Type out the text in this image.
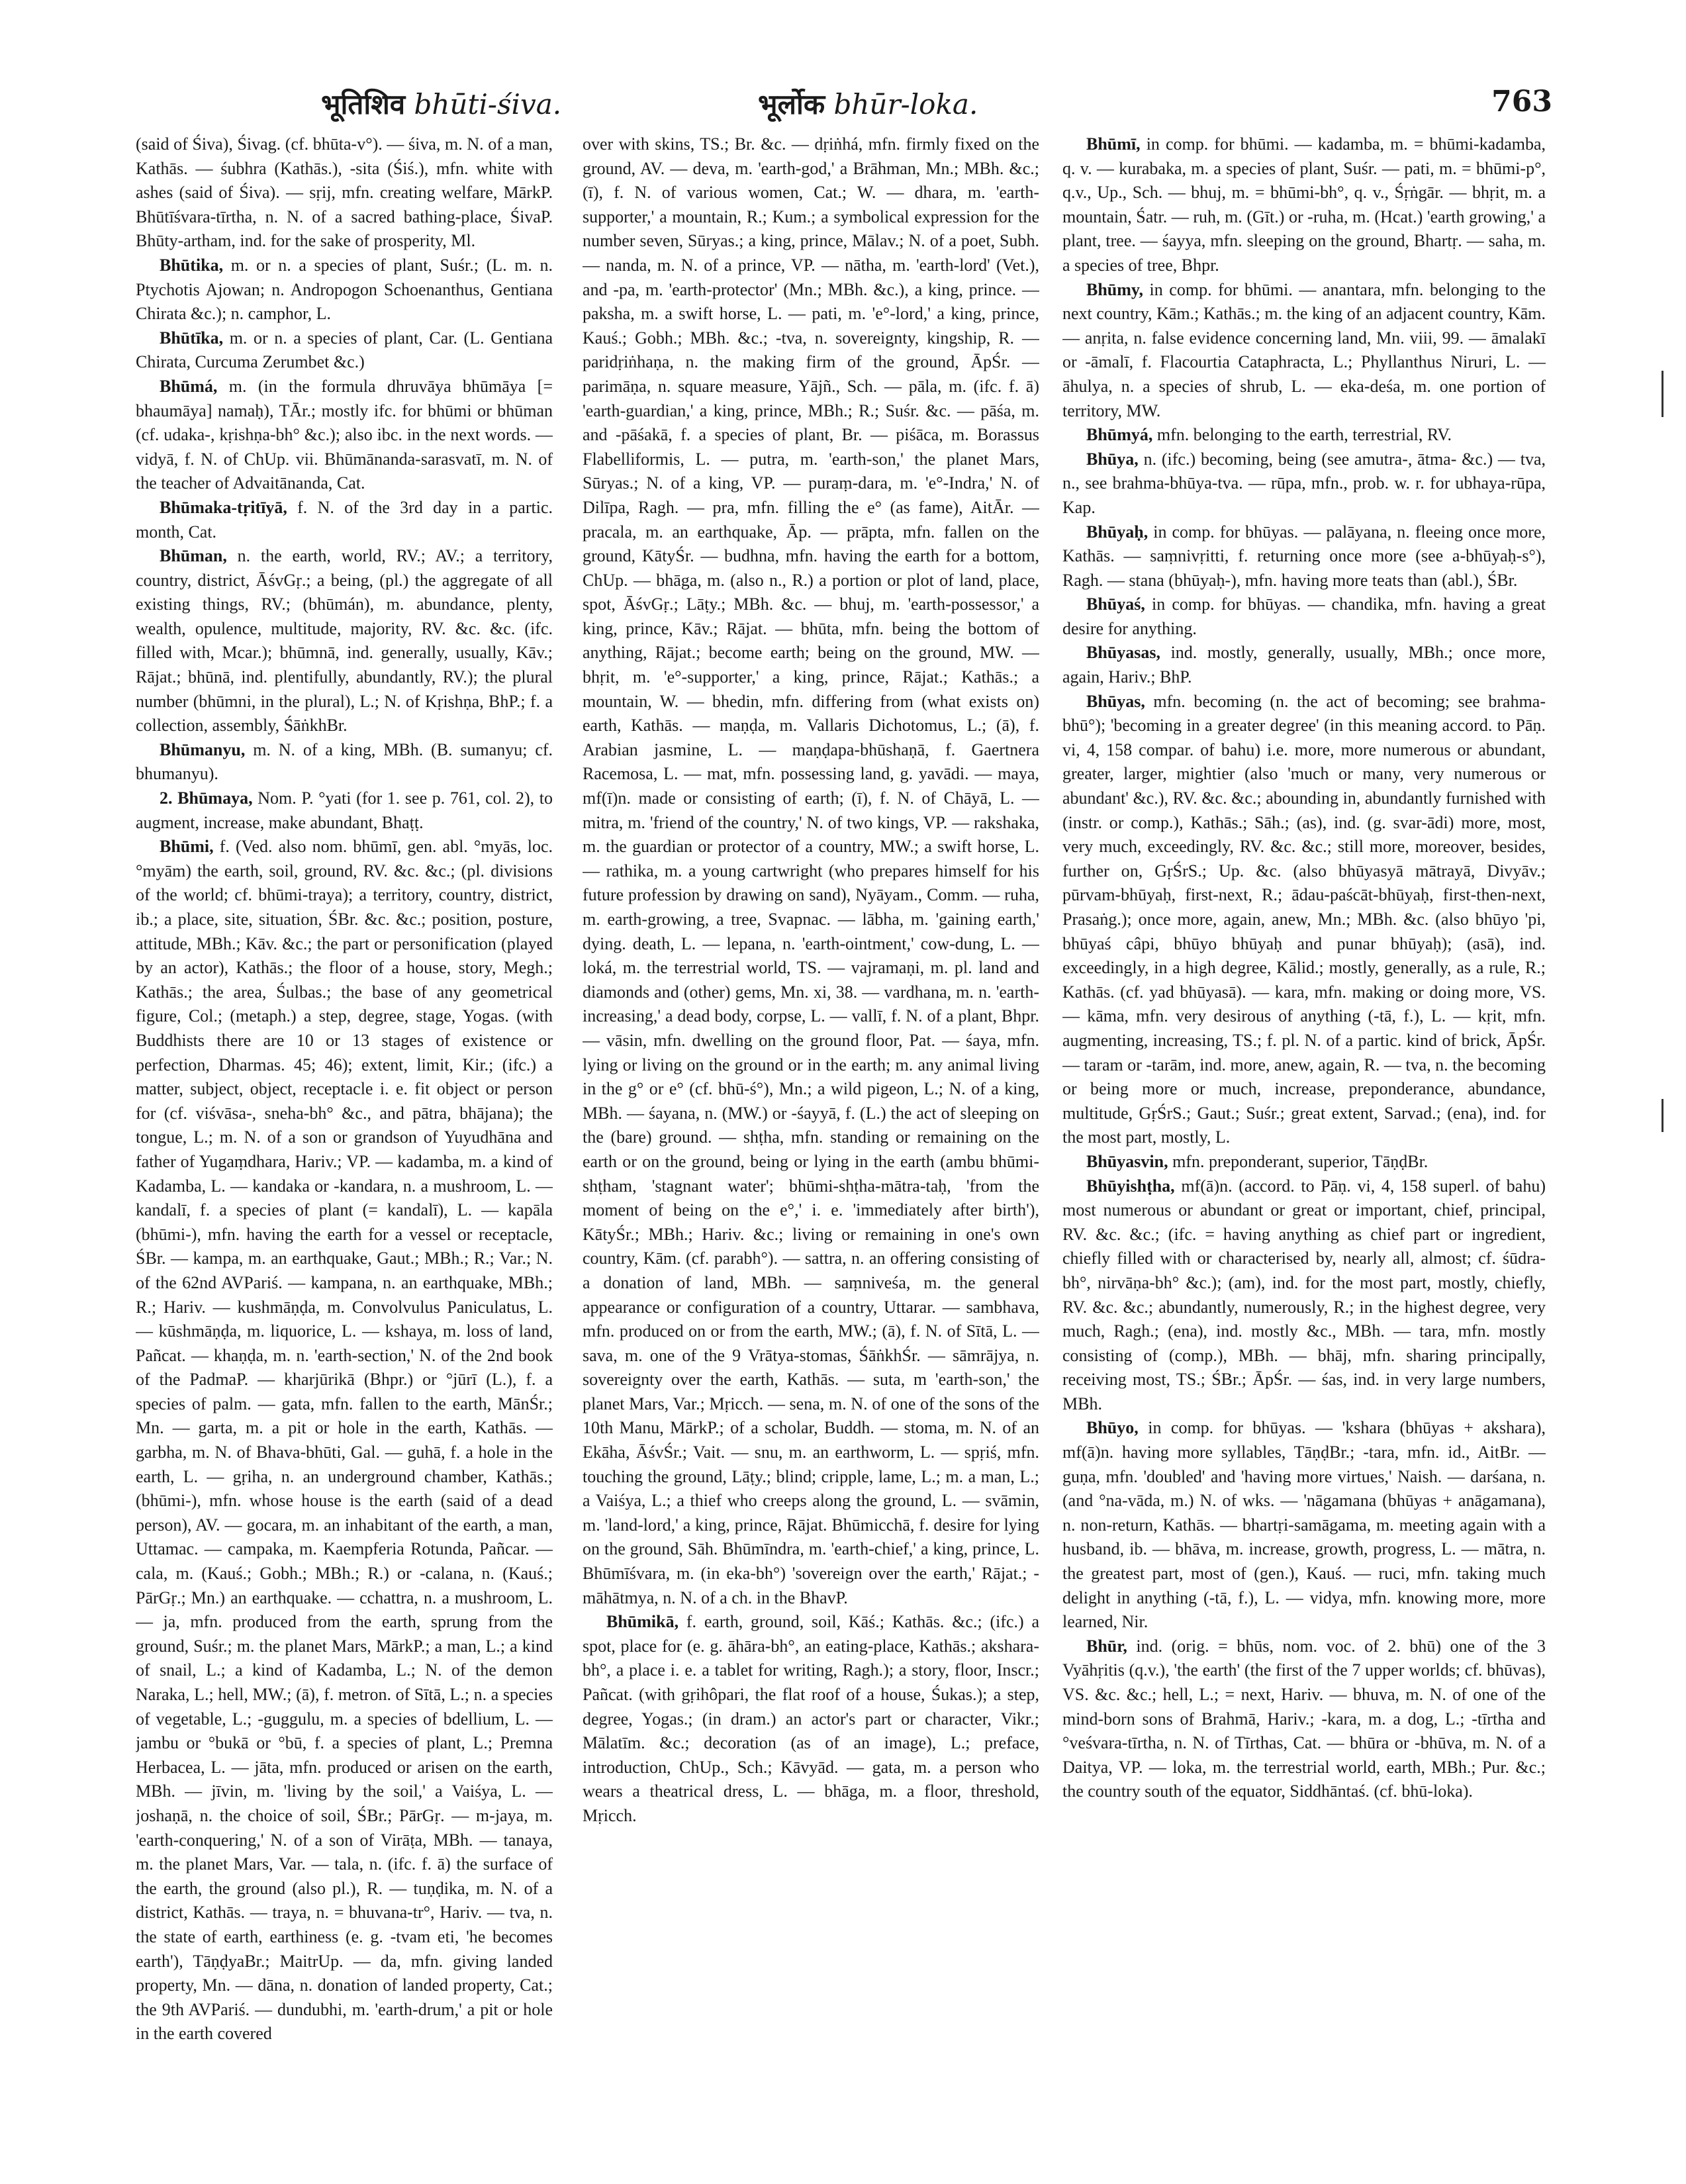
भूतिशिव bhūti-śiva.	भूर्लोक bhūr-loka.	763

(said of Śiva), Śivag. (cf. bhūta-v°). — śiva, m. N. of a man, Kathās. — śubhra (Kathās.), -sita (Śiś.), mfn. white with ashes (said of Śiva). — sṛij, mfn. creating welfare, MārkP. Bhūtīśvara-tīrtha, n. N. of a sacred bathing-place, ŚivaP. Bhūty-artham, ind. for the sake of prosperity, Ml.

Bhūtika, m. or n. a species of plant, Suśr.; (L. m. n. Ptychotis Ajowan; n. Andropogon Schoenanthus, Gentiana Chirata &c.); n. camphor, L.

Bhūtīka, m. or n. a species of plant, Car. (L. Gentiana Chirata, Curcuma Zerumbet &c.)

Bhūmá, m. (in the formula dhruvāya bhūmāya [= bhaumāya] namaḥ), TĀr.; mostly ifc. for bhūmi or bhūman (cf. udaka-, kṛishṇa-bh° &c.); also ibc. in the next words. — vidyā, f. N. of ChUp. vii. Bhūmānanda-sarasvatī, m. N. of the teacher of Advaitānanda, Cat.

Bhūmaka-tṛitīyā, f. N. of the 3rd day in a partic. month, Cat.

Bhūman, n. the earth, world, RV.; AV.; a territory, country, district, ĀśvGṛ.; a being, (pl.) the aggregate of all existing things, RV.; (bhūmán), m. abundance, plenty, wealth, opulence, multitude, majority, RV. &c. &c. (ifc. filled with, Mcar.); bhūmnā, ind. generally, usually, Kāv.; Rājat.; bhūnā, ind. plentifully, abundantly, RV.); the plural number (bhūmni, in the plural), L.; N. of Kṛishṇa, BhP.; f. a collection, assembly, ŚāṅkhBr.

Bhūmanyu, m. N. of a king, MBh. (B. sumanyu; cf. bhumanyu).

2. Bhūmaya, Nom. P. °yati (for 1. see p. 761, col. 2), to augment, increase, make abundant, Bhaṭṭ.

Bhūmi, f. (Ved. also nom. bhūmī, gen. abl. °myās, loc. °myām) the earth, soil, ground, RV. &c. &c.; (pl. divisions of the world; cf. bhūmi-traya); a territory, country, district, ib.; a place, site, situation, ŚBr. &c. &c.; position, posture, attitude, MBh.; Kāv. &c.; the part or personification (played by an actor), Kathās.; the floor of a house, story, Megh.; Kathās.; the area, Śulbas.; the base of any geometrical figure, Col.; (metaph.) a step, degree, stage, Yogas. (with Buddhists there are 10 or 13 stages of existence or perfection, Dharmas. 45; 46); extent, limit, Kir.; (ifc.) a matter, subject, object, receptacle i. e. fit object or person for (cf. viśvāsa-, sneha-bh° &c., and pātra, bhājana); the tongue, L.; m. N. of a son or grandson of Yuyudhāna and father of Yugaṃdhara, Hariv.; VP. — kadamba, m. a kind of Kadamba, L. — kandaka or -kandara, n. a mushroom, L. — kandalī, f. a species of plant (= kandalī), L. — kapāla (bhūmi-), mfn. having the earth for a vessel or receptacle, ŚBr. — kampa, m. an earthquake, Gaut.; MBh.; R.; Var.; N. of the 62nd AVPariś. — kampana, n. an earthquake, MBh.; R.; Hariv. — kushmāṇḍa, m. Convolvulus Paniculatus, L. — kūshmāṇḍa, m. liquorice, L. — kshaya, m. loss of land, Pañcat. — khaṇḍa, m. n. 'earth-section,' N. of the 2nd book of the PadmaP. — kharjūrikā (Bhpr.) or °jūrī (L.), f. a species of palm. — gata, mfn. fallen to the earth, MānŚr.; Mn. — garta, m. a pit or hole in the earth, Kathās. — garbha, m. N. of Bhava-bhūti, Gal. — guhā, f. a hole in the earth, L. — gṛiha, n. an underground chamber, Kathās.; (bhūmi-), mfn. whose house is the earth (said of a dead person), AV. — gocara, m. an inhabitant of the earth, a man, Uttamac. — campaka, m. Kaempferia Rotunda, Pañcar. — cala, m. (Kauś.; Gobh.; MBh.; R.) or -calana, n. (Kauś.; PārGṛ.; Mn.) an earthquake. — cchattra, n. a mushroom, L. — ja, mfn. produced from the earth, sprung from the ground, Suśr.; m. the planet Mars, MārkP.; a man, L.; a kind of snail, L.; a kind of Kadamba, L.; N. of the demon Naraka, L.; hell, MW.; (ā), f. metron. of Sītā, L.; n. a species of vegetable, L.; -guggulu, m. a species of bdellium, L. — jambu or °bukā or °bū, f. a species of plant, L.; Premna Herbacea, L. — jāta, mfn. produced or arisen on the earth, MBh. — jīvin, m. 'living by the soil,' a Vaiśya, L. — joshaṇā, n. the choice of soil, ŚBr.; PārGṛ. — m-jaya, m. 'earth-conquering,' N. of a son of Virāṭa, MBh. — tanaya, m. the planet Mars, Var. — tala, n. (ifc. f. ā) the surface of the earth, the ground (also pl.), R. — tuṇḍika, m. N. of a district, Kathās. — traya, n. = bhuvana-tr°, Hariv. — tva, n. the state of earth, earthiness (e. g. -tvam eti, 'he becomes earth'), TāṇḍyaBr.; MaitrUp. — da, mfn. giving landed property, Mn. — dāna, n. donation of landed property, Cat.; the 9th AVPariś. — dundubhi, m. 'earth-drum,' a pit or hole in the earth covered

over with skins, TS.; Br. &c. — dṛiṅhá, mfn. firmly fixed on the ground, AV. — deva, m. 'earth-god,' a Brāhman, Mn.; MBh. &c.; (ī), f. N. of various women, Cat.; W. — dhara, m. 'earth-supporter,' a mountain, R.; Kum.; a symbolical expression for the number seven, Sūryas.; a king, prince, Mālav.; N. of a poet, Subh. — nanda, m. N. of a prince, VP. — nātha, m. 'earth-lord' (Vet.), and -pa, m. 'earth-protector' (Mn.; MBh. &c.), a king, prince. — paksha, m. a swift horse, L. — pati, m. 'e°-lord,' a king, prince, Kauś.; Gobh.; MBh. &c.; -tva, n. sovereignty, kingship, R. — paridṛiṅhaṇa, n. the making firm of the ground, ĀpŚr. — parimāṇa, n. square measure, Yājñ., Sch. — pāla, m. (ifc. f. ā) 'earth-guardian,' a king, prince, MBh.; R.; Suśr. &c. — pāśa, m. and -pāśakā, f. a species of plant, Br. — piśāca, m. Borassus Flabelliformis, L. — putra, m. 'earth-son,' the planet Mars, Sūryas.; N. of a king, VP. — puraṃ-dara, m. 'e°-Indra,' N. of Dilīpa, Ragh. — pra, mfn. filling the e° (as fame), AitĀr. — pracala, m. an earthquake, Āp. — prāpta, mfn. fallen on the ground, KātyŚr. — budhna, mfn. having the earth for a bottom, ChUp. — bhāga, m. (also n., R.) a portion or plot of land, place, spot, ĀśvGṛ.; Lāṭy.; MBh. &c. — bhuj, m. 'earth-possessor,' a king, prince, Kāv.; Rājat. — bhūta, mfn. being the bottom of anything, Rājat.; become earth; being on the ground, MW. — bhṛit, m. 'e°-supporter,' a king, prince, Rājat.; Kathās.; a mountain, W. — bhedin, mfn. differing from (what exists on) earth, Kathās. — maṇḍa, m. Vallaris Dichotomus, L.; (ā), f. Arabian jasmine, L. — maṇḍapa-bhūshaṇā, f. Gaertnera Racemosa, L. — mat, mfn. possessing land, g. yavādi. — maya, mf(ī)n. made or consisting of earth; (ī), f. N. of Chāyā, L. — mitra, m. 'friend of the country,' N. of two kings, VP. — rakshaka, m. the guardian or protector of a country, MW.; a swift horse, L. — rathika, m. a young cartwright (who prepares himself for his future profession by drawing on sand), Nyāyam., Comm. — ruha, m. earth-growing, a tree, Svapnac. — lābha, m. 'gaining earth,' dying. death, L. — lepana, n. 'earth-ointment,' cow-dung, L. — loká, m. the terrestrial world, TS. — vajramaṇi, m. pl. land and diamonds and (other) gems, Mn. xi, 38. — vardhana, m. n. 'earth-increasing,' a dead body, corpse, L. — vallī, f. N. of a plant, Bhpr. — vāsin, mfn. dwelling on the ground floor, Pat. — śaya, mfn. lying or living on the ground or in the earth; m. any animal living in the g° or e° (cf. bhū-ś°), Mn.; a wild pigeon, L.; N. of a king, MBh. — śayana, n. (MW.) or -śayyā, f. (L.) the act of sleeping on the (bare) ground. — shṭha, mfn. standing or remaining on the earth or on the ground, being or lying in the earth (ambu bhūmi-shṭham, 'stagnant water'; bhūmi-shṭha-mātra-taḥ, 'from the moment of being on the e°,' i. e. 'immediately after birth'), KātyŚr.; MBh.; Hariv. &c.; living or remaining in one's own country, Kām. (cf. parabh°). — sattra, n. an offering consisting of a donation of land, MBh. — saṃniveśa, m. the general appearance or configuration of a country, Uttarar. — sambhava, mfn. produced on or from the earth, MW.; (ā), f. N. of Sītā, L. — sava, m. one of the 9 Vrātya-stomas, ŚāṅkhŚr. — sāmrājya, n. sovereignty over the earth, Kathās. — suta, m 'earth-son,' the planet Mars, Var.; Mṛicch. — sena, m. N. of one of the sons of the 10th Manu, MārkP.; of a scholar, Buddh. — stoma, m. N. of an Ekāha, ĀśvŚr.; Vait. — snu, m. an earthworm, L. — spṛiś, mfn. touching the ground, Lāṭy.; blind; cripple, lame, L.; m. a man, L.; a Vaiśya, L.; a thief who creeps along the ground, L. — svāmin, m. 'land-lord,' a king, prince, Rājat. Bhūmicchā, f. desire for lying on the ground, Sāh. Bhūmīndra, m. 'earth-chief,' a king, prince, L. Bhūmīśvara, m. (in eka-bh°) 'sovereign over the earth,' Rājat.; -māhātmya, n. N. of a ch. in the BhavP.

Bhūmikā, f. earth, ground, soil, Kāś.; Kathās. &c.; (ifc.) a spot, place for (e. g. āhāra-bh°, an eating-place, Kathās.; akshara-bh°, a place i. e. a tablet for writing, Ragh.); a story, floor, Inscr.; Pañcat. (with gṛihôpari, the flat roof of a house, Śukas.); a step, degree, Yogas.; (in dram.) an actor's part or character, Vikr.; Mālatīm. &c.; decoration (as of an image), L.; preface, introduction, ChUp., Sch.; Kāvyād. — gata, m. a person who wears a theatrical dress, L. — bhāga, m. a floor, threshold, Mṛicch.

Bhūmī, in comp. for bhūmi. — kadamba, m. = bhūmi-kadamba, q. v. — kurabaka, m. a species of plant, Suśr. — pati, m. = bhūmi-p°, q.v., Up., Sch. — bhuj, m. = bhūmi-bh°, q. v., Śṛṅgār. — bhṛit, m. a mountain, Śatr. — ruh, m. (Gīt.) or -ruha, m. (Hcat.) 'earth growing,' a plant, tree. — śayya, mfn. sleeping on the ground, Bhartṛ. — saha, m. a species of tree, Bhpr.

Bhūmy, in comp. for bhūmi. — anantara, mfn. belonging to the next country, Kām.; Kathās.; m. the king of an adjacent country, Kām. — anṛita, n. false evidence concerning land, Mn. viii, 99. — āmalakī or -āmalī, f. Flacourtia Cataphracta, L.; Phyllanthus Niruri, L. — āhulya, n. a species of shrub, L. — eka-deśa, m. one portion of territory, MW.

Bhūmyá, mfn. belonging to the earth, terrestrial, RV.

Bhūya, n. (ifc.) becoming, being (see amutra-, ātma- &c.) — tva, n., see brahma-bhūya-tva. — rūpa, mfn., prob. w. r. for ubhaya-rūpa, Kap.

Bhūyaḥ, in comp. for bhūyas. — palāyana, n. fleeing once more, Kathās. — saṃnivṛitti, f. returning once more (see a-bhūyaḥ-s°), Ragh. — stana (bhūyaḥ-), mfn. having more teats than (abl.), ŚBr.

Bhūyaś, in comp. for bhūyas. — chandika, mfn. having a great desire for anything.

Bhūyasas, ind. mostly, generally, usually, MBh.; once more, again, Hariv.; BhP.

Bhūyas, mfn. becoming (n. the act of becoming; see brahma-bhū°); 'becoming in a greater degree' (in this meaning accord. to Pāṇ. vi, 4, 158 compar. of bahu) i.e. more, more numerous or abundant, greater, larger, mightier (also 'much or many, very numerous or abundant' &c.), RV. &c. &c.; abounding in, abundantly furnished with (instr. or comp.), Kathās.; Sāh.; (as), ind. (g. svar-ādi) more, most, very much, exceedingly, RV. &c. &c.; still more, moreover, besides, further on, GṛŚrS.; Up. &c. (also bhūyasyā mātrayā, Divyāv.; pūrvam-bhūyaḥ, first-next, R.; ādau-paścāt-bhūyaḥ, first-then-next, Prasaṅg.); once more, again, anew, Mn.; MBh. &c. (also bhūyo 'pi, bhūyaś câpi, bhūyo bhūyaḥ and punar bhūyaḥ); (asā), ind. exceedingly, in a high degree, Kālid.; mostly, generally, as a rule, R.; Kathās. (cf. yad bhūyasā). — kara, mfn. making or doing more, VS. — kāma, mfn. very desirous of anything (-tā, f.), L. — kṛit, mfn. augmenting, increasing, TS.; f. pl. N. of a partic. kind of brick, ĀpŚr. — taram or -tarām, ind. more, anew, again, R. — tva, n. the becoming or being more or much, increase, preponderance, abundance, multitude, GṛŚrS.; Gaut.; Suśr.; great extent, Sarvad.; (ena), ind. for the most part, mostly, L.

Bhūyasvin, mfn. preponderant, superior, TāṇḍBr.

Bhūyishṭha, mf(ā)n. (accord. to Pāṇ. vi, 4, 158 superl. of bahu) most numerous or abundant or great or important, chief, principal, RV. &c. &c.; (ifc. = having anything as chief part or ingredient, chiefly filled with or characterised by, nearly all, almost; cf. śūdra-bh°, nirvāṇa-bh° &c.); (am), ind. for the most part, mostly, chiefly, RV. &c. &c.; abundantly, numerously, R.; in the highest degree, very much, Ragh.; (ena), ind. mostly &c., MBh. — tara, mfn. mostly consisting of (comp.), MBh. — bhāj, mfn. sharing principally, receiving most, TS.; ŚBr.; ĀpŚr. — śas, ind. in very large numbers, MBh.

Bhūyo, in comp. for bhūyas. — 'kshara (bhūyas + akshara), mf(ā)n. having more syllables, TāṇḍBr.; -tara, mfn. id., AitBr. — guṇa, mfn. 'doubled' and 'having more virtues,' Naish. — darśana, n. (and °na-vāda, m.) N. of wks. — 'nāgamana (bhūyas + anāgamana), n. non-return, Kathās. — bhartṛi-samāgama, m. meeting again with a husband, ib. — bhāva, m. increase, growth, progress, L. — mātra, n. the greatest part, most of (gen.), Kauś. — ruci, mfn. taking much delight in anything (-tā, f.), L. — vidya, mfn. knowing more, more learned, Nir.

Bhūr, ind. (orig. = bhūs, nom. voc. of 2. bhū) one of the 3 Vyāhṛitis (q.v.), 'the earth' (the first of the 7 upper worlds; cf. bhūvas), VS. &c. &c.; hell, L.; = next, Hariv. — bhuva, m. N. of one of the mind-born sons of Brahmā, Hariv.; -kara, m. a dog, L.; -tīrtha and °veśvara-tīrtha, n. N. of Tīrthas, Cat. — bhūra or -bhūva, m. N. of a Daitya, VP. — loka, m. the terrestrial world, earth, MBh.; Pur. &c.; the country south of the equator, Siddhāntaś. (cf. bhū-loka).
